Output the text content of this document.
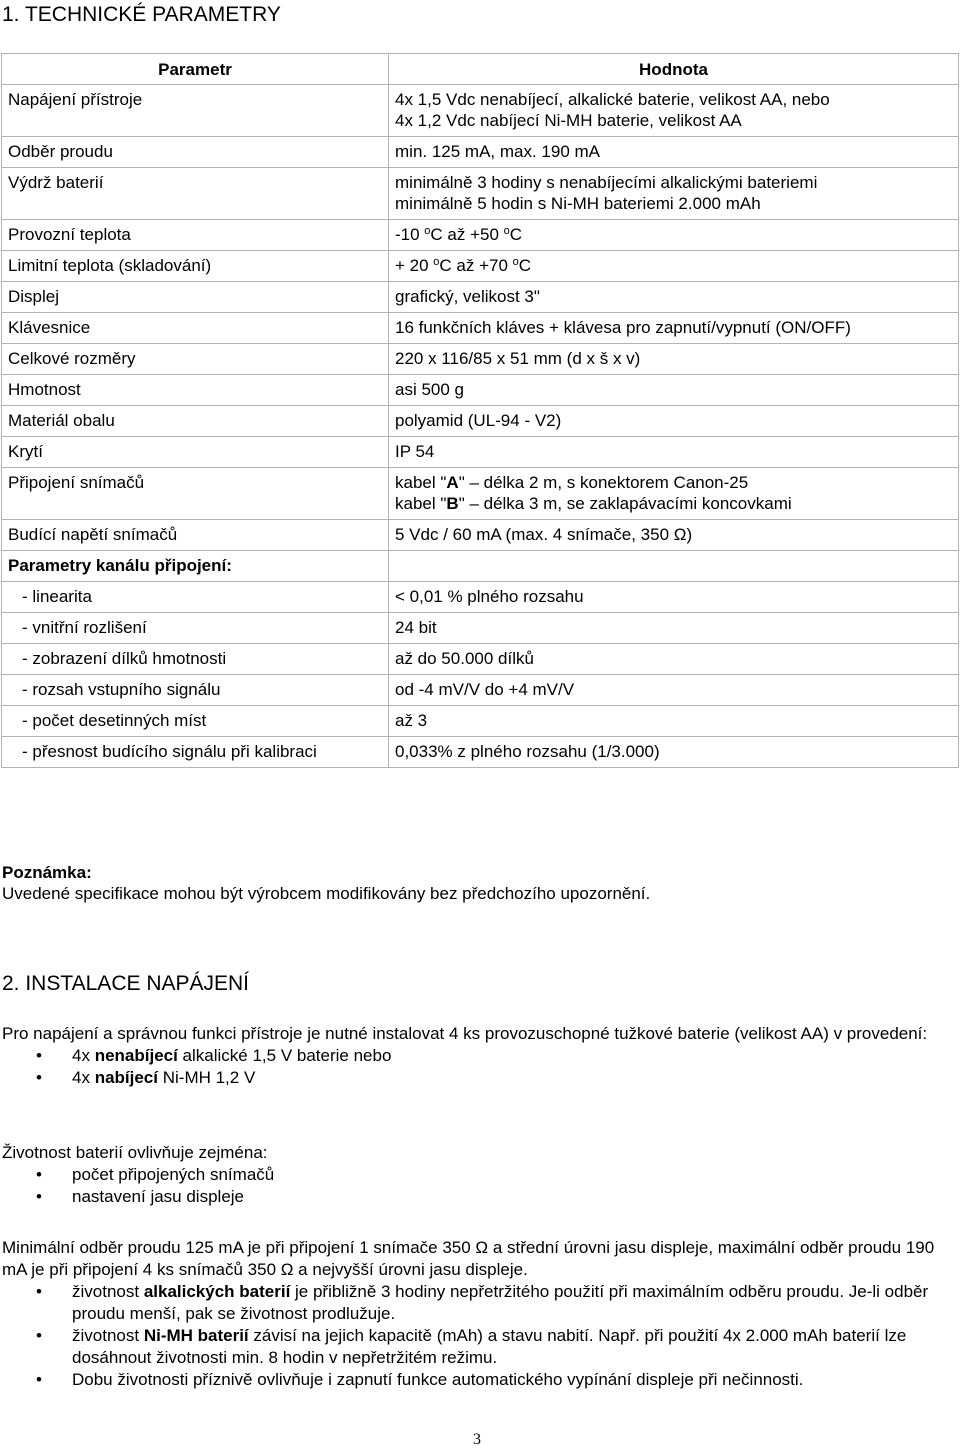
1. TECHNICKÉ PARAMETRY
Parametr	Hodnota
Napájení přístroje	4x 1,5 Vdc nenabíjecí, alkalické baterie, velikost AA, nebo
4x 1,2 Vdc nabíjecí Ni-MH baterie, velikost AA

Odběr proudu	min. 125 mA, max. 190 mA
Výdrž baterií	minimálně 3 hodiny s nenabíjecími alkalickými bateriemi
minimálně 5 hodin s Ni-MH bateriemi 2.000 mAh

Provozní teplota	-10 $^o$C až +50 $^o$C
Limitní teplota (skladování)	+ 20 $^o$C až +70 $^o$C
Displej	grafický, velikost 3"
Klávesnice	16 funkčních kláves + klávesa pro zapnutí/vypnutí (ON/OFF)
Celkové rozměry	220 x 116/85 x 51 mm (d x š x v)
Hmotnost	asi 500 g
Materiál obalu	polyamid (UL-94 - V2)
Krytí	IP 54
Připojení snímačů	kabel "A" – délka 2 m, s konektorem Canon-25
kabel "B" – délka 3 m, se zaklapávacími koncovkami

Budící napětí snímačů	5 Vdc / 60 mA (max. 4 snímače, 350 Ω)
Parametry kanálu připojení:	
- linearita	< 0,01 % plného rozsahu
- vnitřní rozlišení	24 bit
- zobrazení dílků hmotnosti	až do 50.000 dílků
- rozsah vstupního signálu	od -4 mV/V do +4 mV/V
- počet desetinných míst	až 3
- přesnost budícího signálu při kalibraci	0,033% z plného rozsahu (1/3.000)
Poznámka:
Uvedené specifikace mohou být výrobcem modifikovány bez předchozího upozornění.
2. INSTALACE NAPÁJENÍ
Pro napájení a správnou funkci přístroje je nutné instalovat 4 ks provozuschopné tužkové baterie (velikost AA) v provedení:
• 4x nenabíjecí alkalické 1,5 V baterie nebo
• 4x nabíjecí Ni-MH 1,2 V
Životnost baterií ovlivňuje zejména:
• počet připojených snímačů
• nastavení jasu displeje
Minimální odběr proudu 125 mA je při připojení 1 snímače 350 Ω a střední úrovni jasu displeje, maximální odběr proudu 190 mA je při připojení 4 ks snímačů 350 Ω a nejvyšší úrovni jasu displeje.
• životnost alkalických baterií je přibližně 3 hodiny nepřetržitého použití při maximálním odběru proudu. Je-li odběr proudu menší, pak se životnost prodlužuje.
• životnost Ni-MH baterií závisí na jejich kapacitě (mAh) a stavu nabití. Např. při použití 4x 2.000 mAh baterií lze dosáhnout životnosti min. 8 hodin v nepřetržitém režimu.
• Dobu životnosti příznivě ovlivňuje i zapnutí funkce automatického vypínání displeje při nečinnosti.
3
